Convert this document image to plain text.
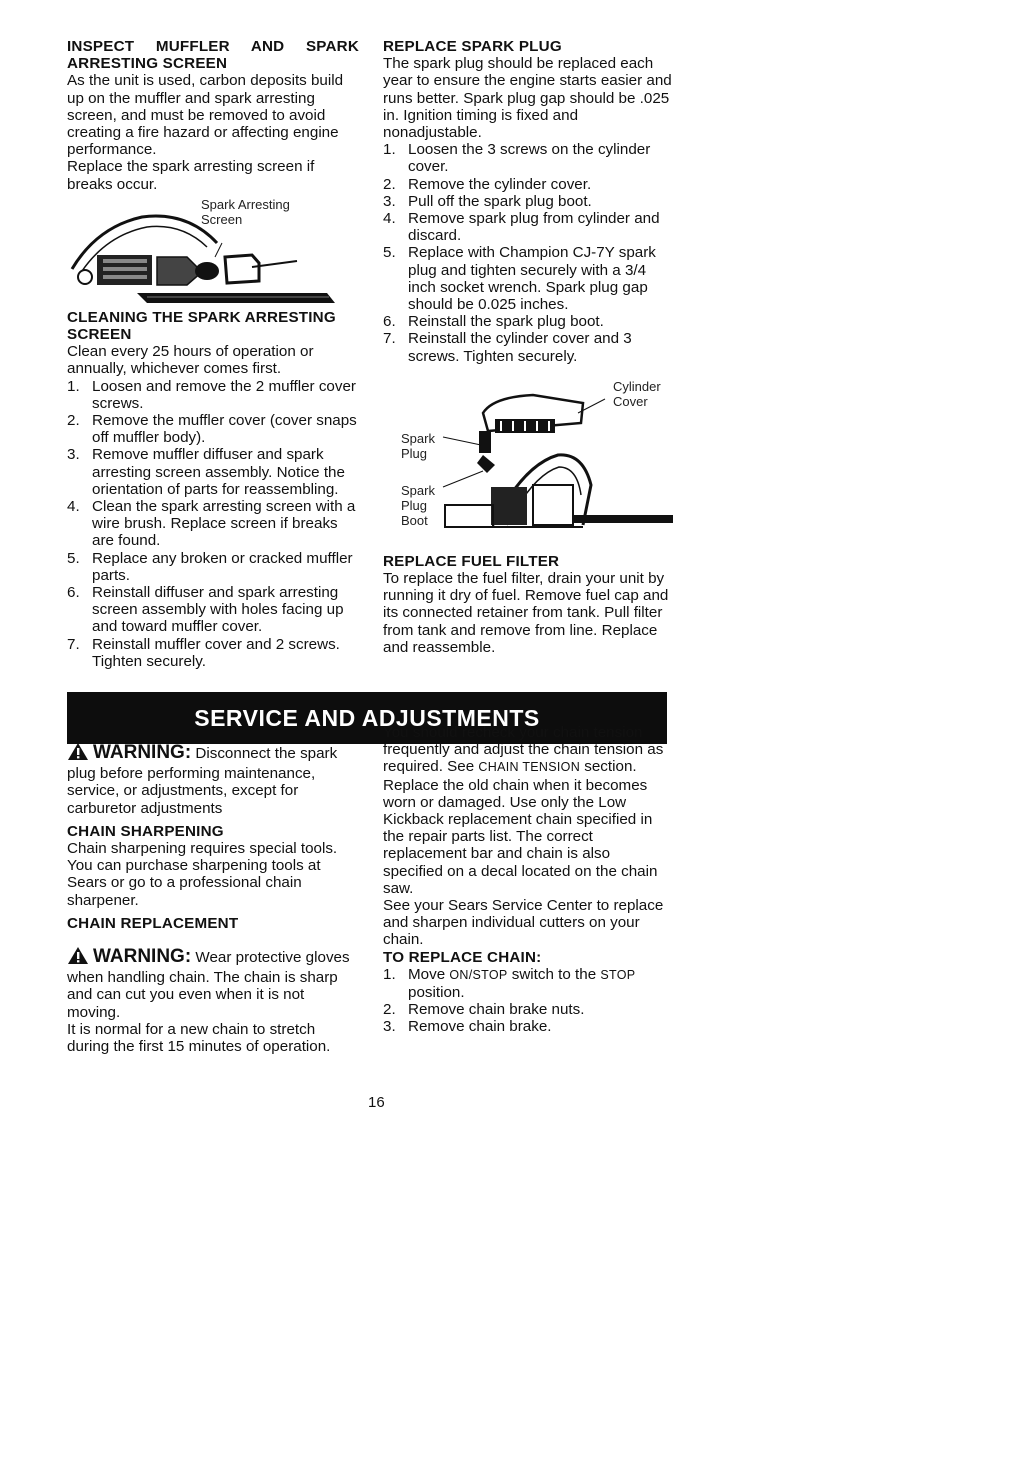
INSPECT MUFFLER AND SPARK ARRESTING SCREEN

As the unit is used, carbon deposits build up on the muffler and spark arresting screen, and must be removed to avoid creating a fire hazard or affecting engine performance.

Replace the spark arresting screen if breaks occur.

Spark Arresting Screen
CLEANING THE SPARK ARRESTING SCREEN

Clean every 25 hours of operation or annually, whichever comes first.

1. Loosen and remove the 2 muffler cover screws.
2. Remove the muffler cover (cover snaps off muffler body).
3. Remove muffler diffuser and spark arresting screen assembly. Notice the orientation of parts for reassembling.
4. Clean the spark arresting screen with a wire brush. Replace screen if breaks are found.
5. Replace any broken or cracked muffler parts.
6. Reinstall diffuser and spark arresting screen assembly with holes facing up and toward muffler cover.
7. Reinstall muffler cover and 2 screws. Tighten securely.
REPLACE SPARK PLUG

The spark plug should be replaced each year to ensure the engine starts easier and runs better. Spark plug gap should be .025 in. Ignition timing is fixed and nonadjustable.

1. Loosen the 3 screws on the cylinder cover.
2. Remove the cylinder cover.
3. Pull off the spark plug boot.
4. Remove spark plug from cylinder and discard.
5. Replace with Champion CJ-7Y spark plug and tighten securely with a 3/4 inch socket wrench. Spark plug gap should be 0.025 inches.
6. Reinstall the spark plug boot.
7. Reinstall the cylinder cover and 3 screws. Tighten securely.
Cylinder Cover
Spark Plug
Spark Plug Boot
REPLACE FUEL FILTER

To replace the fuel filter, drain your unit by running it dry of fuel. Remove fuel cap and its connected retainer from tank. Pull filter from tank and remove from line. Replace and reassemble.

SERVICE AND ADJUSTMENTS
WARNING: Disconnect the spark plug before performing maintenance, service, or adjustments, except for carburetor adjustments
CHAIN SHARPENING

Chain sharpening requires special tools. You can purchase sharpening tools at Sears or go to a professional chain sharpener.

CHAIN REPLACEMENT
WARNING: Wear protective gloves when handling chain. The chain is sharp and can cut you even when it is not moving.

It is normal for a new chain to stretch during the first 15 minutes of operation.

You should recheck your chain tension frequently and adjust the chain tension as required. See CHAIN TENSION section.

Replace the old chain when it becomes worn or damaged. Use only the Low Kickback replacement chain specified in the repair parts list. The correct replacement bar and chain is also specified on a decal located on the chain saw.

See your Sears Service Center to replace and sharpen individual cutters on your chain.

TO REPLACE CHAIN:
1. Move ON/STOP switch to the STOP position.
2. Remove chain brake nuts.
3. Remove chain brake.
16
